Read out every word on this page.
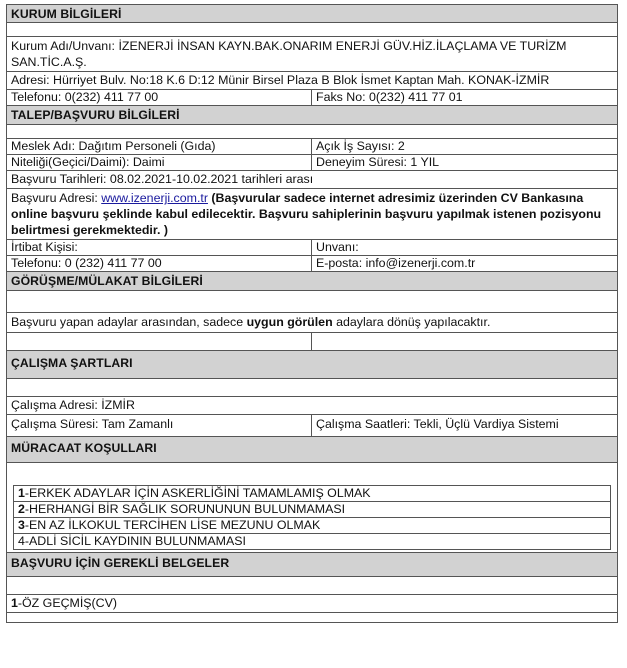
KURUM BİLGİLERİ
Kurum Adı/Unvanı: İZENERJİ İNSAN KAYN.BAK.ONARIM ENERJİ GÜV.HİZ.İLAÇLAMA VE TURİZM SAN.TİC.A.Ş.
Adresi: Hürriyet Bulv. No:18 K.6 D:12 Münir Birsel Plaza B Blok İsmet Kaptan Mah. KONAK-İZMİR
Telefonu: 0(232) 411 77 00	Faks No: 0(232) 411 77 01
TALEP/BAŞVURU BİLGİLERİ
Meslek Adı: Dağıtım Personeli (Gıda)	Açık İş Sayısı: 2
Niteliği(Geçici/Daimi): Daimi	Deneyim Süresi: 1 YIL
Başvuru Tarihleri: 08.02.2021-10.02.2021 tarihleri arası
Başvuru Adresi: www.izenerji.com.tr (Başvurular sadece internet adresimiz üzerinden CV Bankasına online başvuru şeklinde kabul edilecektir. Başvuru sahiplerinin başvuru yapılmak istenen pozisyonu belirtmesi gerekmektedir. )
İrtibat Kişisi:	Unvanı:
Telefonu: 0 (232) 411 77 00	E-posta: info@izenerji.com.tr
GÖRÜŞME/MÜLAKAT BİLGİLERİ
Başvuru yapan adaylar arasından, sadece uygun görülen adaylara dönüş yapılacaktır.
ÇALIŞMA ŞARTLARI
Çalışma Adresi: İZMİR
Çalışma Süresi: Tam Zamanlı	Çalışma Saatleri: Tekli, Üçlü Vardiya Sistemi
MÜRACAAT KOŞULLARI
1-ERKEK ADAYLAR İÇİN ASKERLİĞİNİ TAMAMLAMIŞ OLMAK
2-HERHANGİ BİR SAĞLIK SORUNUNUN BULUNMAMASI
3-EN AZ İLKOKUL TERCİHEN LİSE MEZUNU OLMAK
4-ADLİ SİCİL KAYDININ BULUNMAMASI
BAŞVURU İÇİN GEREKLİ BELGELER
1-ÖZ GEÇMİŞ(CV)
